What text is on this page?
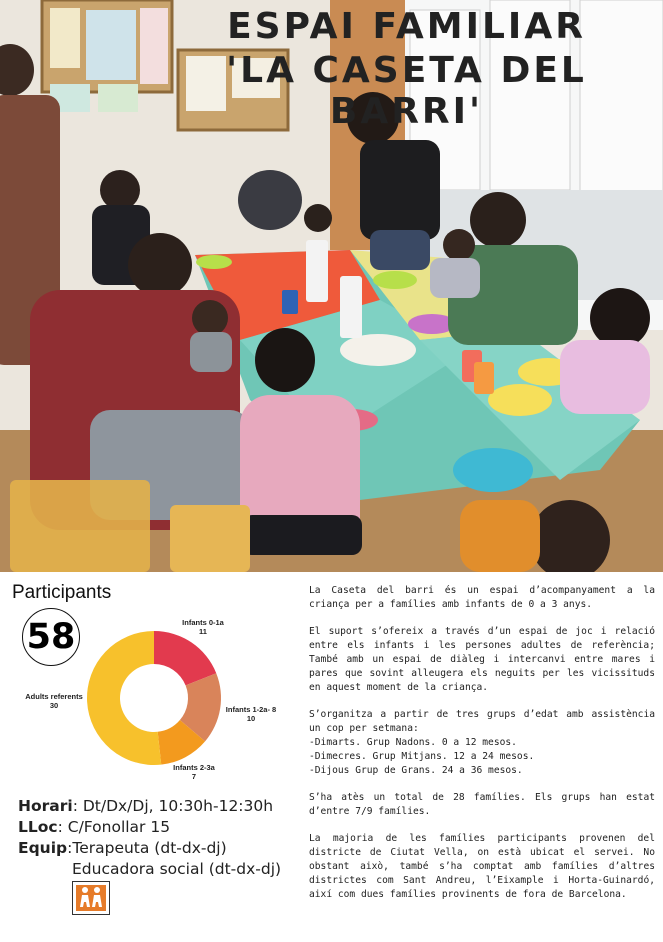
ESPAI FAMILIAR
'LA CASETA DEL BARRI'
Participants
58	Infants 0-1a
11
Infants 1-2a- 8
10
Infants 2-3a
7
Adults referents
30
Horari: Dt/Dx/Dj, 10:30h-12:30h
LLoc: C/Fonollar 15
Equip:Terapeuta (dt-dx-dj)
Educadora social (dt-dx-dj)

La Caseta del barri és un espai d’acompanyament a la criança per a famílies amb infants de 0 a 3 anys.

El suport s’ofereix a través d’un espai de joc i relació entre els infants i les persones adultes de referència; També amb un espai de diàleg i intercanvi entre mares i pares que sovint alleugera els neguits per les vicissituds en aquest moment de la criança.

S’organitza a partir de tres grups d’edat amb assistència un cop per setmana:
-Dimarts. Grup Nadons. 0 a 12 mesos.
-Dimecres. Grup Mitjans. 12 a 24 mesos.
-Dijous Grup de Grans. 24 a 36 mesos.

S’ha atès un total de 28 famílies. Els grups han estat d’entre 7/9 famílies.

La majoria de les famílies participants provenen del districte de Ciutat Vella, on està ubicat el servei. No obstant això, també s’ha comptat amb famílies d’altres districtes com Sant Andreu, l’Eixample i Horta-Guinardó, així com dues famílies provinents de fora de Barcelona.
